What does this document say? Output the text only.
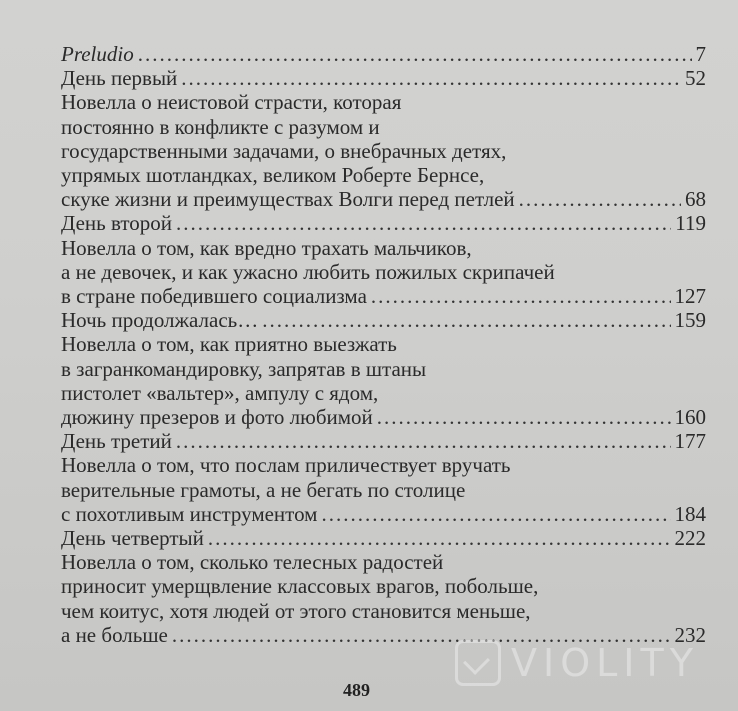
Preludio .....	7
День первый .....	52
Новелла о неистовой страсти, которая
постоянно в конфликте с разумом и
государственными задачами, о внебрачных детях,
упрямых шотландках, великом Роберте Бернсе,
скуке жизни и преимуществах Волги перед петлей .....	68
День второй .....	119
Новелла о том, как вредно трахать мальчиков,
а не девочек, и как ужасно любить пожилых скрипачей
в стране победившего социализма .....	127
Ночь продолжалась… .....	159
Новелла о том, как приятно выезжать
в загранкомандировку, запрятав в штаны
пистолет «вальтер», ампулу с ядом,
дюжину презеров и фото любимой .....	160
День третий .....	177
Новелла о том, что послам приличествует вручать
верительные грамоты, а не бегать по столице
с похотливым инструментом .....	184
День четвертый .....	222
Новелла о том, сколько телесных радостей
приносит умерщвление классовых врагов, побольше,
чем коитус, хотя людей от этого становится меньше,
а не больше .....	232
489
VIOLITY
